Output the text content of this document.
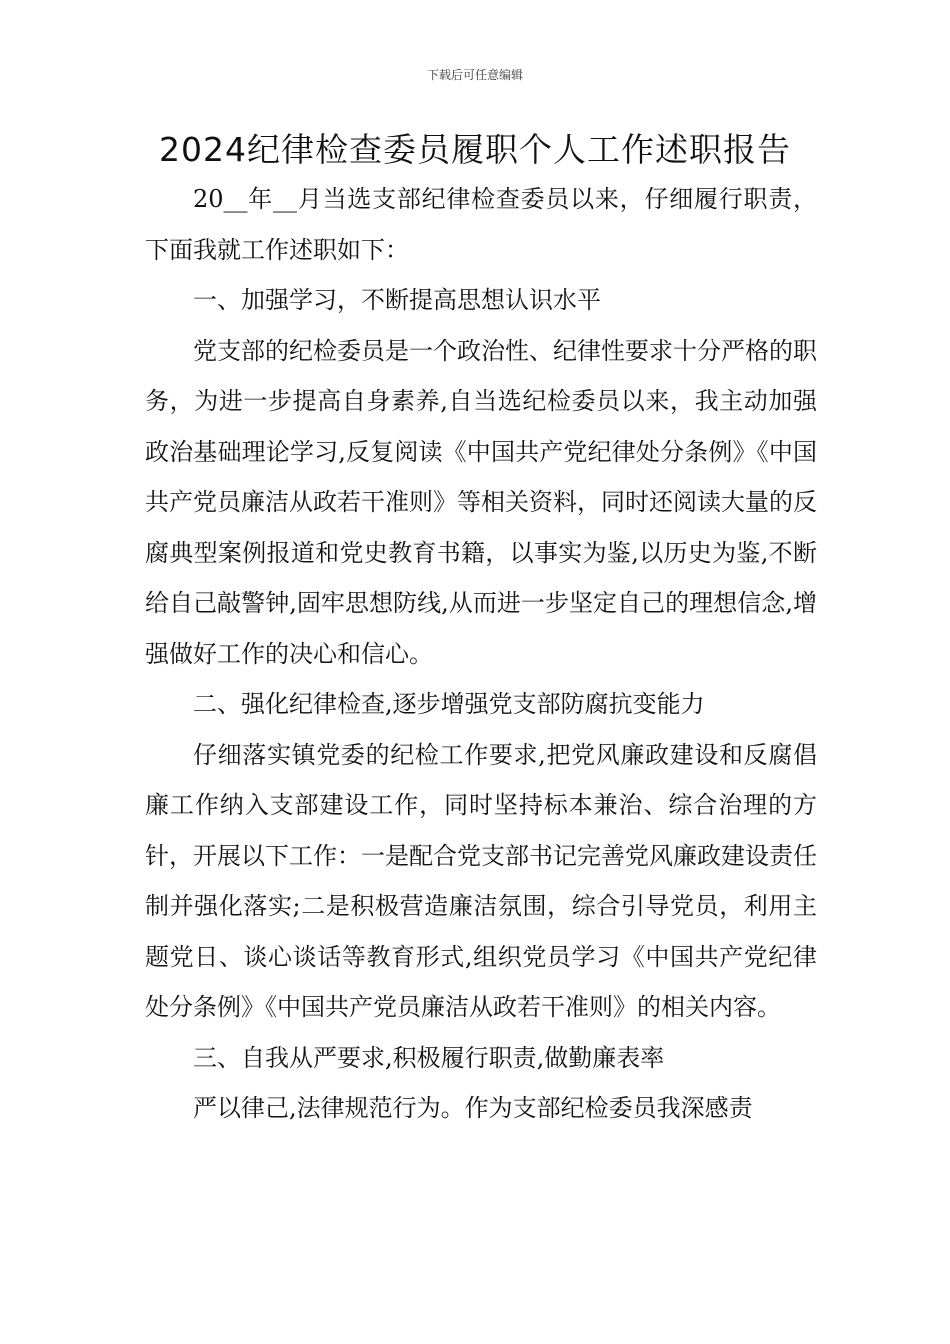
下载后可任意编辑
2024纪律检查委员履职个人工作述职报告

20__年__月当选支部纪律检查委员以来，仔细履行职责，下面我就工作述职如下：

一、加强学习，不断提高思想认识水平

党支部的纪检委员是一个政治性、纪律性要求十分严格的职务，为进一步提高自身素养,自当选纪检委员以来，我主动加强政治基础理论学习,反复阅读《中国共产党纪律处分条例》《中国共产党员廉洁从政若干准则》等相关资料，同时还阅读大量的反腐典型案例报道和党史教育书籍，以事实为鉴,以历史为鉴,不断给自己敲警钟,固牢思想防线,从而进一步坚定自己的理想信念,增强做好工作的决心和信心。

二、强化纪律检查,逐步增强党支部防腐抗变能力

仔细落实镇党委的纪检工作要求,把党风廉政建设和反腐倡廉工作纳入支部建设工作，同时坚持标本兼治、综合治理的方针，开展以下工作：一是配合党支部书记完善党风廉政建设责任制并强化落实;二是积极营造廉洁氛围，综合引导党员，利用主题党日、谈心谈话等教育形式,组织党员学习《中国共产党纪律处分条例》《中国共产党员廉洁从政若干准则》的相关内容。

三、自我从严要求,积极履行职责,做勤廉表率

严以律己,法律规范行为。作为支部纪检委员我深感责
